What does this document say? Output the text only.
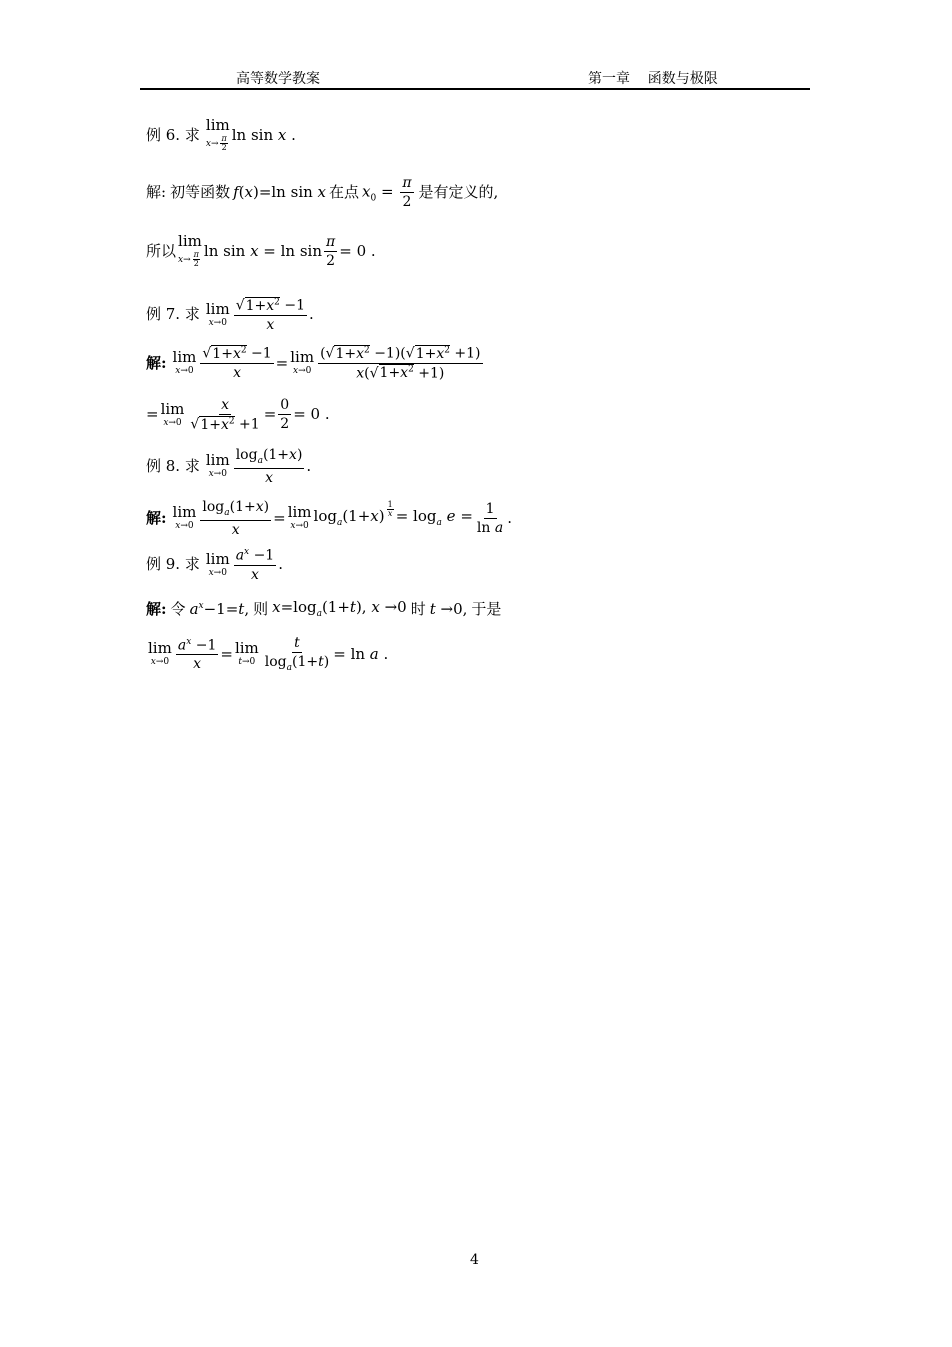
高等数学教案	第一章    函数与极限
例 6. 求
lim
$x\to \frac{\pi}{2}$ ln sin x .
解: 初等函数 f(x)=ln sin x 在点 $x_0 = \frac{\pi}{2}$ 是有定义的,
所以
lim
$x\to \frac{\pi}{2}$ $\ln \sin x = \ln \sin \frac{\pi}{2} = 0$ .
例 7. 求 lim
$x\to 0 \frac{√1+x^2 -1}{x}$ .
解: lim
$x\to 0 \frac{√1+x^2 -1}{x} = \lim$
$x\to 0 \frac{(√1+x^2 -1)(√1+x^2 +1)}{x(√1+x^2 +1)}$
= lim
$x\to 0 \frac{x}{√1+x^2 +1} = \frac{0}{2} = 0$ .
例 8. 求 lim
$x\to 0 \frac{\log_a(1+x)}{x}$ .
解: lim
$x\to 0 \frac{\log_a(1+x)}{x} = \lim$
x→0
$\log_a(1+x) \frac{1}{x} = \log_a e = \frac{1}{\text{ln a}}$ .
例 9. 求 lim
$x\to 0 \frac{a^x -1}{x}$ .
解: 令 $a^x-1=t$, 则 $x=\log_a(1+t)$, x →0 时 t →0, 于是
lim
$x\to 0 \frac{a^x -1}{x} = \lim$
$t\to 0 \frac{t}{\log_a(1+t)} = \ln a$ .
4
